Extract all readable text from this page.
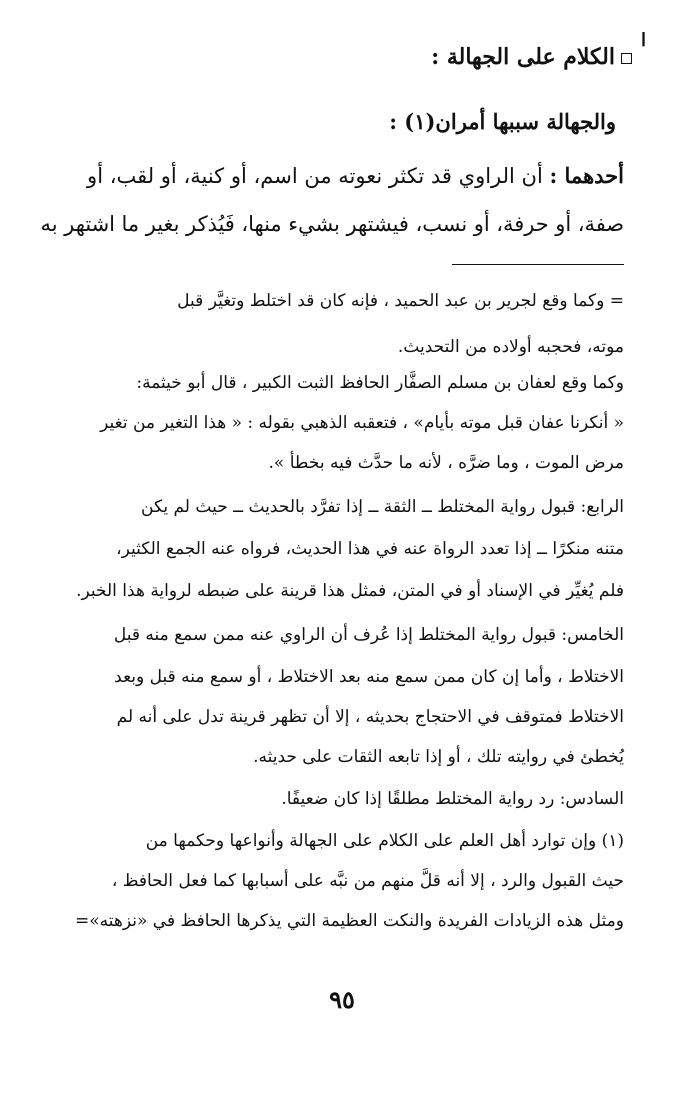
ا
الكلام على الجهالة :
والجهالة سببها أمران(١) :
أحدهما : أن الراوي قد تكثر نعوته من اسم، أو كنية، أو لقب، أو
صفة، أو حرفة، أو نسب، فيشتهر بشيء منها، فَيُذكر بغير ما اشتهر به
= وكما وقع لجرير بن عبد الحميد ، فإنه كان قد اختلط وتغيَّر قبل
موته، فحجبه أولاده من التحديث.
وكما وقع لعفان بن مسلم الصفَّار الحافظ الثبت الكبير ، قال أبو خيثمة:
« أنكرنا عفان قبل موته بأيام» ، فتعقبه الذهبي بقوله : « هذا التغير من تغير
مرض الموت ، وما ضرَّه ، لأنه ما حدَّث فيه بخطأ ».
الرابع: قبول رواية المختلط ــ الثقة ــ إذا تفرَّد بالحديث ــ حيث لم يكن
متنه منكرًا ــ إذا تعدد الرواة عنه في هذا الحديث، فرواه عنه الجمع الكثير،
فلم يُغيِّر في الإسناد أو في المتن، فمثل هذا قرينة على ضبطه لرواية هذا الخبر.
الخامس: قبول رواية المختلط إذا عُرف أن الراوي عنه ممن سمع منه قبل
الاختلاط ، وأما إن كان ممن سمع منه بعد الاختلاط ، أو سمع منه قبل وبعد
الاختلاط فمتوقف في الاحتجاج بحديثه ، إلا أن تظهر قرينة تدل على أنه لم
يُخطئ في روايته تلك ، أو إذا تابعه الثقات على حديثه.
السادس: رد رواية المختلط مطلقًا إذا كان ضعيفًا.
(١) وإن توارد أهل العلم على الكلام على الجهالة وأنواعها وحكمها من
حيث القبول والرد ، إلا أنه قلَّ منهم من نبَّه على أسبابها كما فعل الحافظ ،
ومثل هذه الزيادات الفريدة والنكت العظيمة التي يذكرها الحافظ في «نزهته»=
٩٥
